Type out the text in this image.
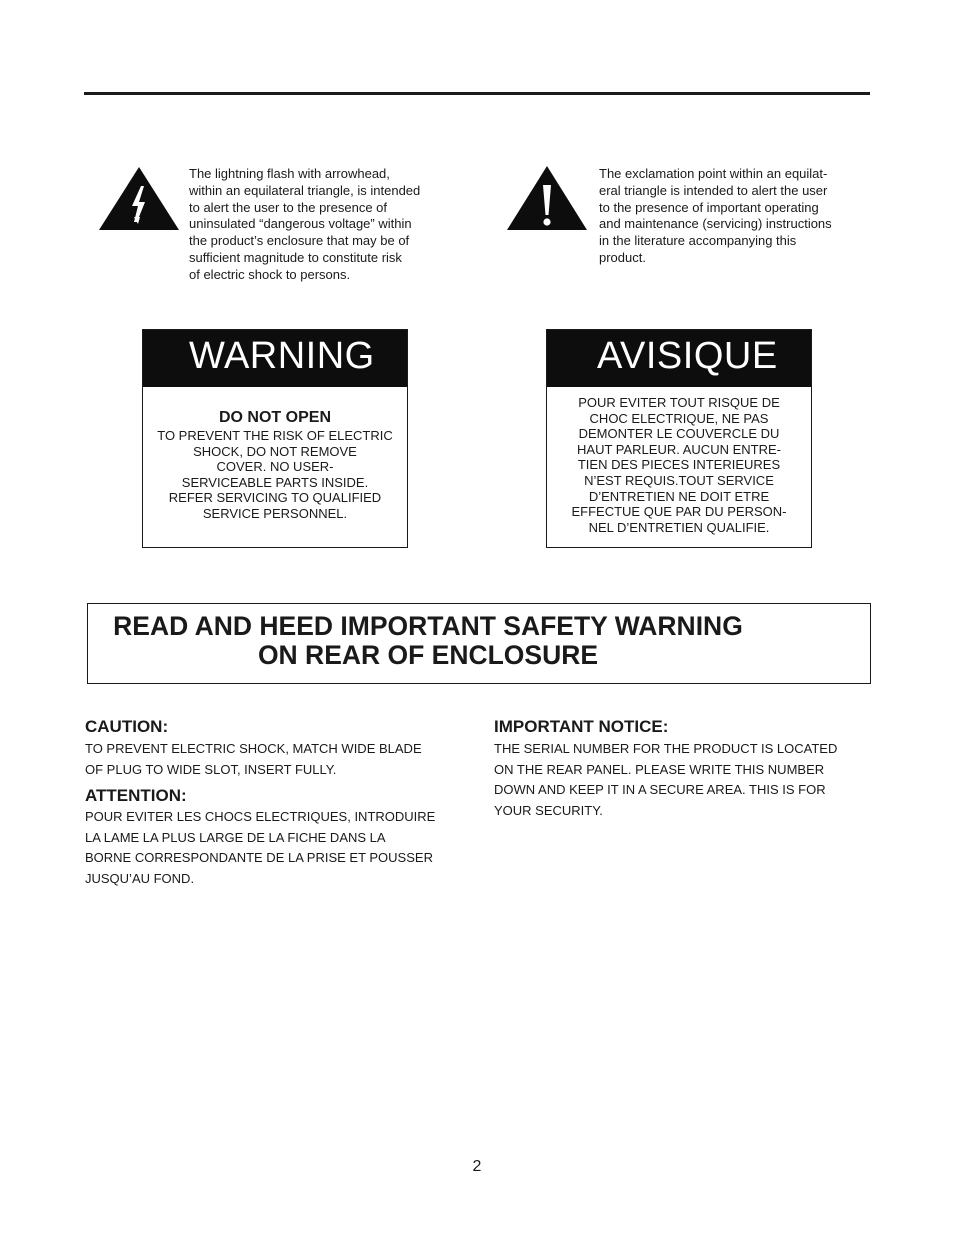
The lightning flash with arrowhead,
within an equilateral triangle, is intended
to alert the user to the presence of
uninsulated “dangerous voltage” within
the product’s enclosure that may be of
sufficient magnitude to constitute risk
of electric shock to persons.
The exclamation point within an equilat-
eral triangle is intended to alert the user
to the presence of important operating
and maintenance (servicing) instructions
in the literature accompanying this
product.
WARNING
DO NOT OPEN
TO PREVENT THE RISK OF ELECTRIC
SHOCK, DO NOT REMOVE
COVER. NO USER-
SERVICEABLE PARTS INSIDE.
REFER SERVICING TO QUALIFIED
SERVICE PERSONNEL.
AVISIQUE
POUR EVITER TOUT RISQUE DE
CHOC ELECTRIQUE, NE PAS
DEMONTER LE COUVERCLE DU
HAUT PARLEUR. AUCUN ENTRE-
TIEN DES PIECES INTERIEURES
N’EST REQUIS.TOUT SERVICE
D’ENTRETIEN NE DOIT ETRE
EFFECTUE QUE PAR DU PERSON-
NEL D’ENTRETIEN QUALIFIE.
READ AND HEED IMPORTANT SAFETY WARNING
ON REAR OF ENCLOSURE
CAUTION:
TO PREVENT ELECTRIC SHOCK, MATCH WIDE BLADE
OF PLUG TO WIDE SLOT, INSERT FULLY.
ATTENTION:
POUR EVITER LES CHOCS ELECTRIQUES, INTRODUIRE
LA LAME LA PLUS LARGE DE LA FICHE DANS LA
BORNE CORRESPONDANTE DE LA PRISE ET POUSSER
JUSQU’AU FOND.
IMPORTANT NOTICE:
THE SERIAL NUMBER FOR THE PRODUCT IS LOCATED
ON THE REAR PANEL. PLEASE WRITE THIS NUMBER
DOWN AND KEEP IT IN A SECURE AREA. THIS IS FOR
YOUR SECURITY.
2
